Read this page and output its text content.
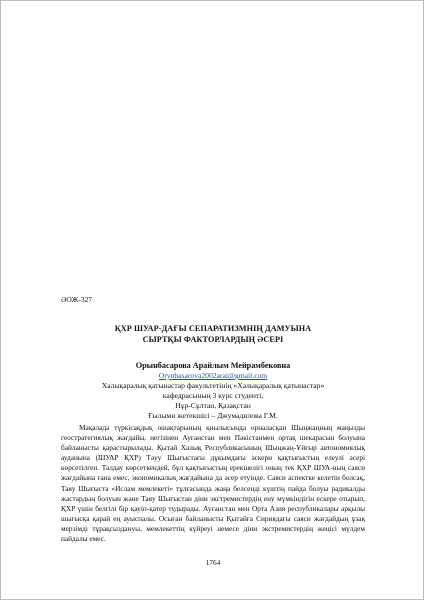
ӘОЖ-327
ҚХР ШУАР-ДАҒЫ СЕПАРАТИЗМНІҢ ДАМУЫНА
СЫРТҚЫ ФАКТОРЛАРДЫҢ ӘСЕРІ
Орынбасарова Арайлым Мейрамбековна
Orynbasarova2002arai@gmail.com
Халықаралық қатынастар факультетінің «Халықаралық қатынастар»
кафедрасының 3 курс студенті,
Нұр-Сұлтан, Қазақстан
Ғылыми жетекшісі – Джумадилова Г.М.

Мақалада түркісақдық ошақтарының қиылысында орналасқан Шыңжаңның маңызды геостратегиялық жағдайы, негізінен Ауғанстан мен Пәкістанмен ортақ шекарасын болуына байланысты қарастырылады. Қытай Халық Республикасының Шыңжаң-Ұйғыр автономиялық ауданына (ШУАР ҚХР) Тәуу Шығыстағы дұкымдағы әскери қақтығыстың елеулі әсері көрсетілген. Талдау көрсеткендей, бұл қақтығыстың ерекшелігі оның тек ҚХР ШУА-ның саяси жағдайына ғана емес, экономикалық жағдайына да әсер етуінде. Саяси аспектке келетін болсақ, Таяу Шығыста «Ислам мемлекеті» тұлғасында жаңа белсенді күштің пайда болуы радикалды жастардың болуын және Таяу Шығыстан діни экстремистердің ену мүмкіндігін ескере отырып, ҚХР үшін белгілі бір қауіп-қатер тудырады. Ауғанстан мен Орта Азия республикалары арқылы шығысқа қарай ең ауыспалы. Осыған байланысты Қытайға Сириядағы саяси жағдайдың ұзақ мерзімді тұрақсыздануы, мемлекеттің күйреуі немесе діни экстремистердің жеңісі мүлдем пайдалы емес.

1764
